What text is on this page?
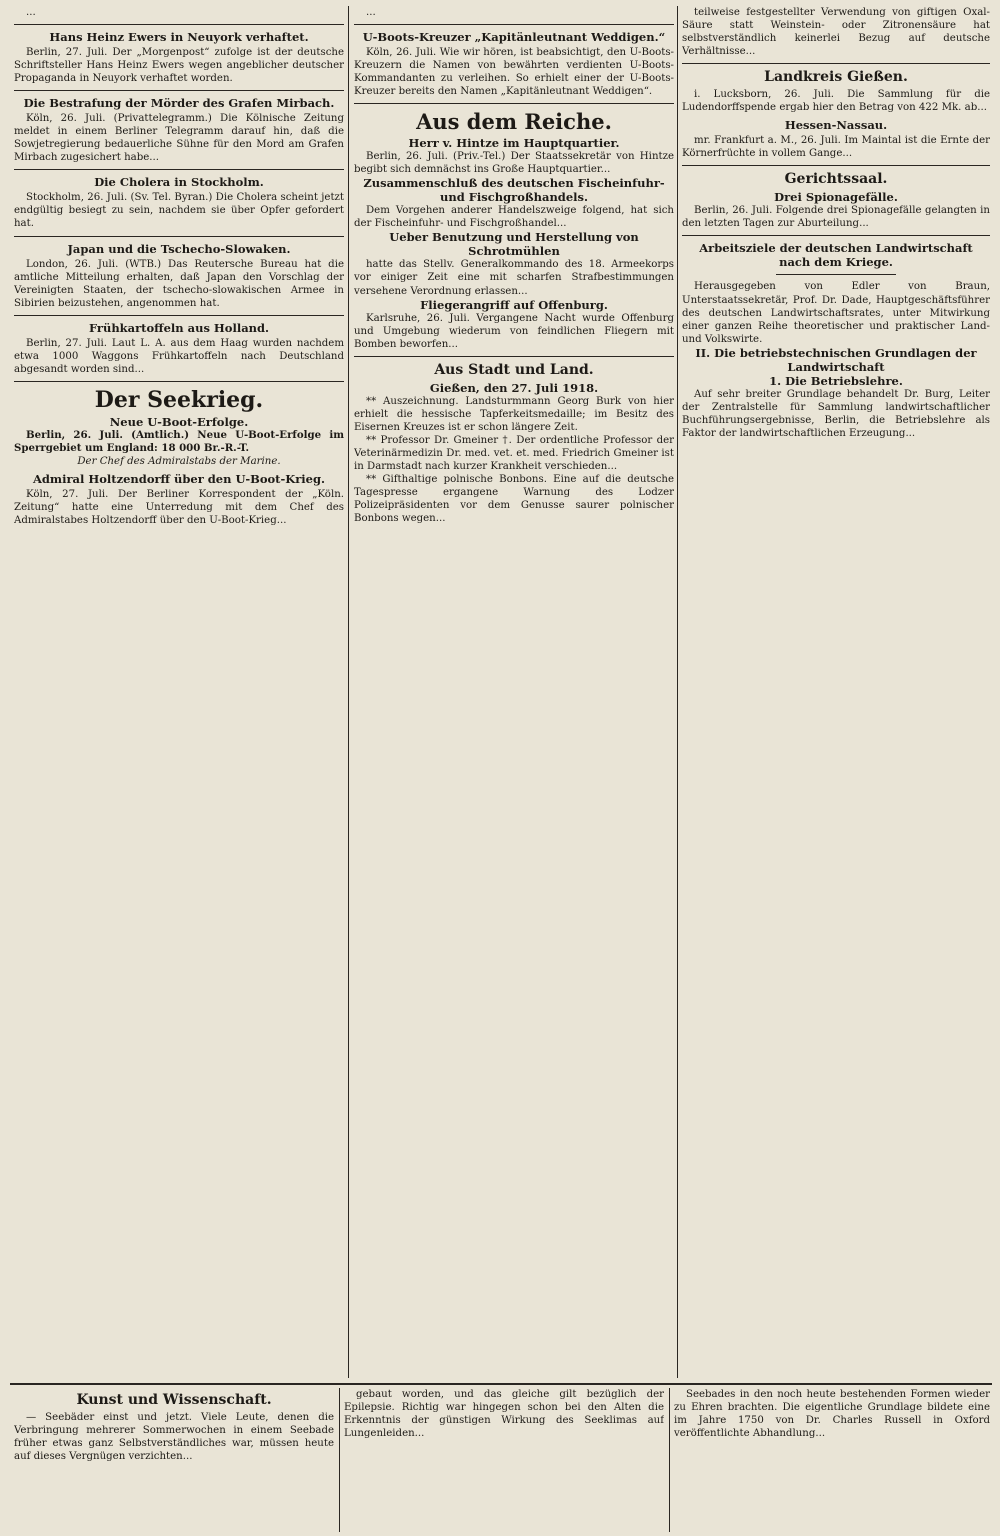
...

Hans Heinz Ewers in Neuyork verhaftet.

Berlin, 27. Juli. Der „Morgenpost“ zufolge ist der deutsche Schriftsteller Hans Heinz Ewers wegen angeblicher deutscher Propaganda in Neuyork verhaftet worden.

Die Bestrafung der Mörder des Grafen Mirbach.

Köln, 26. Juli. (Privattelegramm.) Die Kölnische Zeitung meldet in einem Berliner Telegramm darauf hin, daß die Sowjetregierung bedauerliche Sühne für den Mord am Grafen Mirbach zugesichert habe...

Die Cholera in Stockholm.

Stockholm, 26. Juli. (Sv. Tel. Byran.) Die Cholera scheint jetzt endgültig besiegt zu sein, nachdem sie über Opfer gefordert hat.

Japan und die Tschecho-Slowaken.

London, 26. Juli. (WTB.) Das Reutersche Bureau hat die amtliche Mitteilung erhalten, daß Japan den Vorschlag der Vereinigten Staaten, der tschecho-slowakischen Armee in Sibirien beizustehen, angenommen hat.

Frühkartoffeln aus Holland.

Berlin, 27. Juli. Laut L. A. aus dem Haag wurden nachdem etwa 1000 Waggons Frühkartoffeln nach Deutschland abgesandt worden sind...

Der Seekrieg.
Neue U-Boot-Erfolge.

Berlin, 26. Juli. (Amtlich.) Neue U-Boot-Erfolge im Sperrgebiet um England: 18 000 Br.-R.-T.

Der Chef des Admiralstabs der Marine.
Admiral Holtzendorff über den U-Boot-Krieg.

Köln, 27. Juli. Der Berliner Korrespondent der „Köln. Zeitung“ hatte eine Unterredung mit dem Chef des Admiralstabes Holtzendorff über den U-Boot-Krieg...

...

U-Boots-Kreuzer „Kapitänleutnant Weddigen.“

Köln, 26. Juli. Wie wir hören, ist beabsichtigt, den U-Boots-Kreuzern die Namen von bewährten verdienten U-Boots-Kommandanten zu verleihen. So erhielt einer der U-Boots-Kreuzer bereits den Namen „Kapitänleutnant Weddigen“.

Aus dem Reiche.
Herr v. Hintze im Hauptquartier.

Berlin, 26. Juli. (Priv.-Tel.) Der Staatssekretär von Hintze begibt sich demnächst ins Große Hauptquartier...

Zusammenschluß des deutschen Fischeinfuhr- und Fischgroßhandels.

Dem Vorgehen anderer Handelszweige folgend, hat sich der Fischeinfuhr- und Fischgroßhandel...

Ueber Benutzung und Herstellung von Schrotmühlen

hatte das Stellv. Generalkommando des 18. Armeekorps vor einiger Zeit eine mit scharfen Strafbestimmungen versehene Verordnung erlassen...

Fliegerangriff auf Offenburg.

Karlsruhe, 26. Juli. Vergangene Nacht wurde Offenburg und Umgebung wiederum von feindlichen Fliegern mit Bomben beworfen...

Aus Stadt und Land.
Gießen, den 27. Juli 1918.

** Auszeichnung. Landsturmmann Georg Burk von hier erhielt die hessische Tapferkeitsmedaille; im Besitz des Eisernen Kreuzes ist er schon längere Zeit.

** Professor Dr. Gmeiner †. Der ordentliche Professor der Veterinärmedizin Dr. med. vet. et. med. Friedrich Gmeiner ist in Darmstadt nach kurzer Krankheit verschieden...

** Gifthaltige polnische Bonbons. Eine auf die deutsche Tagespresse ergangene Warnung des Lodzer Polizeipräsidenten vor dem Genusse saurer polnischer Bonbons wegen...

teilweise festgestellter Verwendung von giftigen Oxal-Säure statt Weinstein- oder Zitronensäure hat selbstverständlich keinerlei Bezug auf deutsche Verhältnisse...

Landkreis Gießen.

i. Lucksborn, 26. Juli. Die Sammlung für die Ludendorffspende ergab hier den Betrag von 422 Mk. ab...

Hessen-Nassau.

mr. Frankfurt a. M., 26. Juli. Im Maintal ist die Ernte der Körnerfrüchte in vollem Gange...

Gerichtssaal.
Drei Spionagefälle.

Berlin, 26. Juli. Folgende drei Spionagefälle gelangten in den letzten Tagen zur Aburteilung...

Arbeitsziele der deutschen Landwirtschaft nach dem Kriege.

Herausgegeben von Edler von Braun, Unterstaatssekretär, Prof. Dr. Dade, Hauptgeschäftsführer des deutschen Landwirtschaftsrates, unter Mitwirkung einer ganzen Reihe theoretischer und praktischer Land- und Volkswirte.

II. Die betriebstechnischen Grundlagen der Landwirtschaft
1. Die Betriebslehre.

Auf sehr breiter Grundlage behandelt Dr. Burg, Leiter der Zentralstelle für Sammlung landwirtschaftlicher Buchführungsergebnisse, Berlin, die Betriebslehre als Faktor der landwirtschaftlichen Erzeugung...

Kunst und Wissenschaft.

— Seebäder einst und jetzt. Viele Leute, denen die Verbringung mehrerer Sommerwochen in einem Seebade früher etwas ganz Selbstverständliches war, müssen heute auf dieses Vergnügen verzichten...

gebaut worden, und das gleiche gilt bezüglich der Epilepsie. Richtig war hingegen schon bei den Alten die Erkenntnis der günstigen Wirkung des Seeklimas auf Lungenleiden...

Seebades in den noch heute bestehenden Formen wieder zu Ehren brachten. Die eigentliche Grundlage bildete eine im Jahre 1750 von Dr. Charles Russell in Oxford veröffentlichte Abhandlung...
